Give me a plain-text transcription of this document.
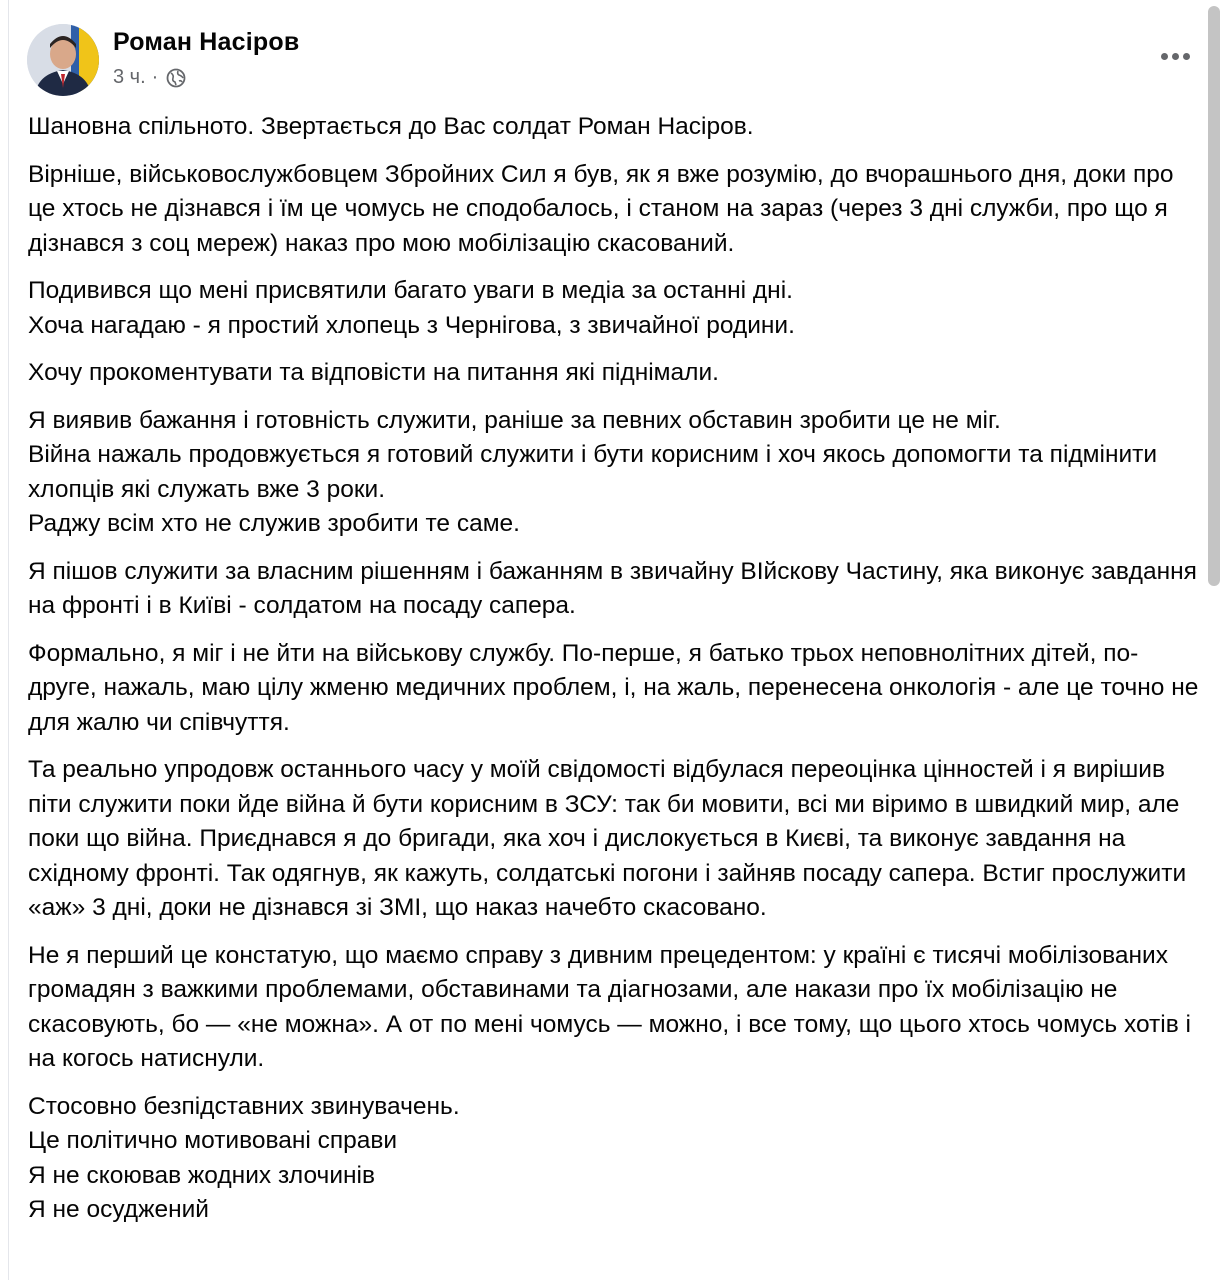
Роман Насіров
3 ч. ·

Шановна спільното. Звертається до Вас солдат Роман Насіров.

Вірніше, військовослужбовцем Збройних Сил я був, як я вже розумію, до вчорашнього дня, доки про це хтось не дізнався і їм це чомусь не сподобалось, і станом на зараз (через 3 дні служби, про що я дізнався з соц мереж) наказ про мою мобілізацію скасований.

Подивився що мені присвятили багато уваги в медіа за останні дні.
Хоча нагадаю - я простий хлопець з Чернігова, з звичайної родини.

Хочу прокоментувати та відповісти на питання які піднімали.

Я виявив бажання і готовність служити, раніше за певних обставин зробити це не міг.
Війна нажаль продовжується я готовий служити і бути корисним і хоч якось допомогти та підмінити хлопців які служать вже 3 роки.
Раджу всім хто не служив зробити те саме.

Я пішов служити за власним рішенням і бажанням в звичайну ВІйскову Частину, яка виконує завдання на фронті і в Київі - солдатом на посаду сапера.

Формально, я міг і не йти на військову службу. По-перше, я батько трьох неповнолітних дітей, по-друге, нажаль, маю цілу жменю медичних проблем, і, на жаль, перенесена онкологія - але це точно не для жалю чи співчуття.

Та реально упродовж останнього часу у моїй свідомості відбулася переоцінка цінностей і я вирішив піти служити поки йде війна й бути корисним в ЗСУ: так би мовити, всі ми віримо в швидкий мир, але поки що війна. Приєднався я до бригади, яка хоч і дислокується в Києві, та виконує завдання на східному фронті. Так одягнув, як кажуть, солдатські погони і зайняв посаду сапера. Встиг прослужити «аж» 3 дні, доки не дізнався зі ЗМІ, що наказ начебто скасовано.

Не я перший це констатую, що маємо справу з дивним прецедентом: у країні є тисячі мобілізованих громадян з важкими проблемами, обставинами та діагнозами, але накази про їх мобілізацію не скасовують, бо — «не можна». А от по мені чомусь — можно, і все тому, що цього хтось чомусь хотів і на когось натиснули.

Стосовно безпідставних звинувачень.
Це політично мотивовані справи
Я не скоював жодних злочинів
Я не осуджений
